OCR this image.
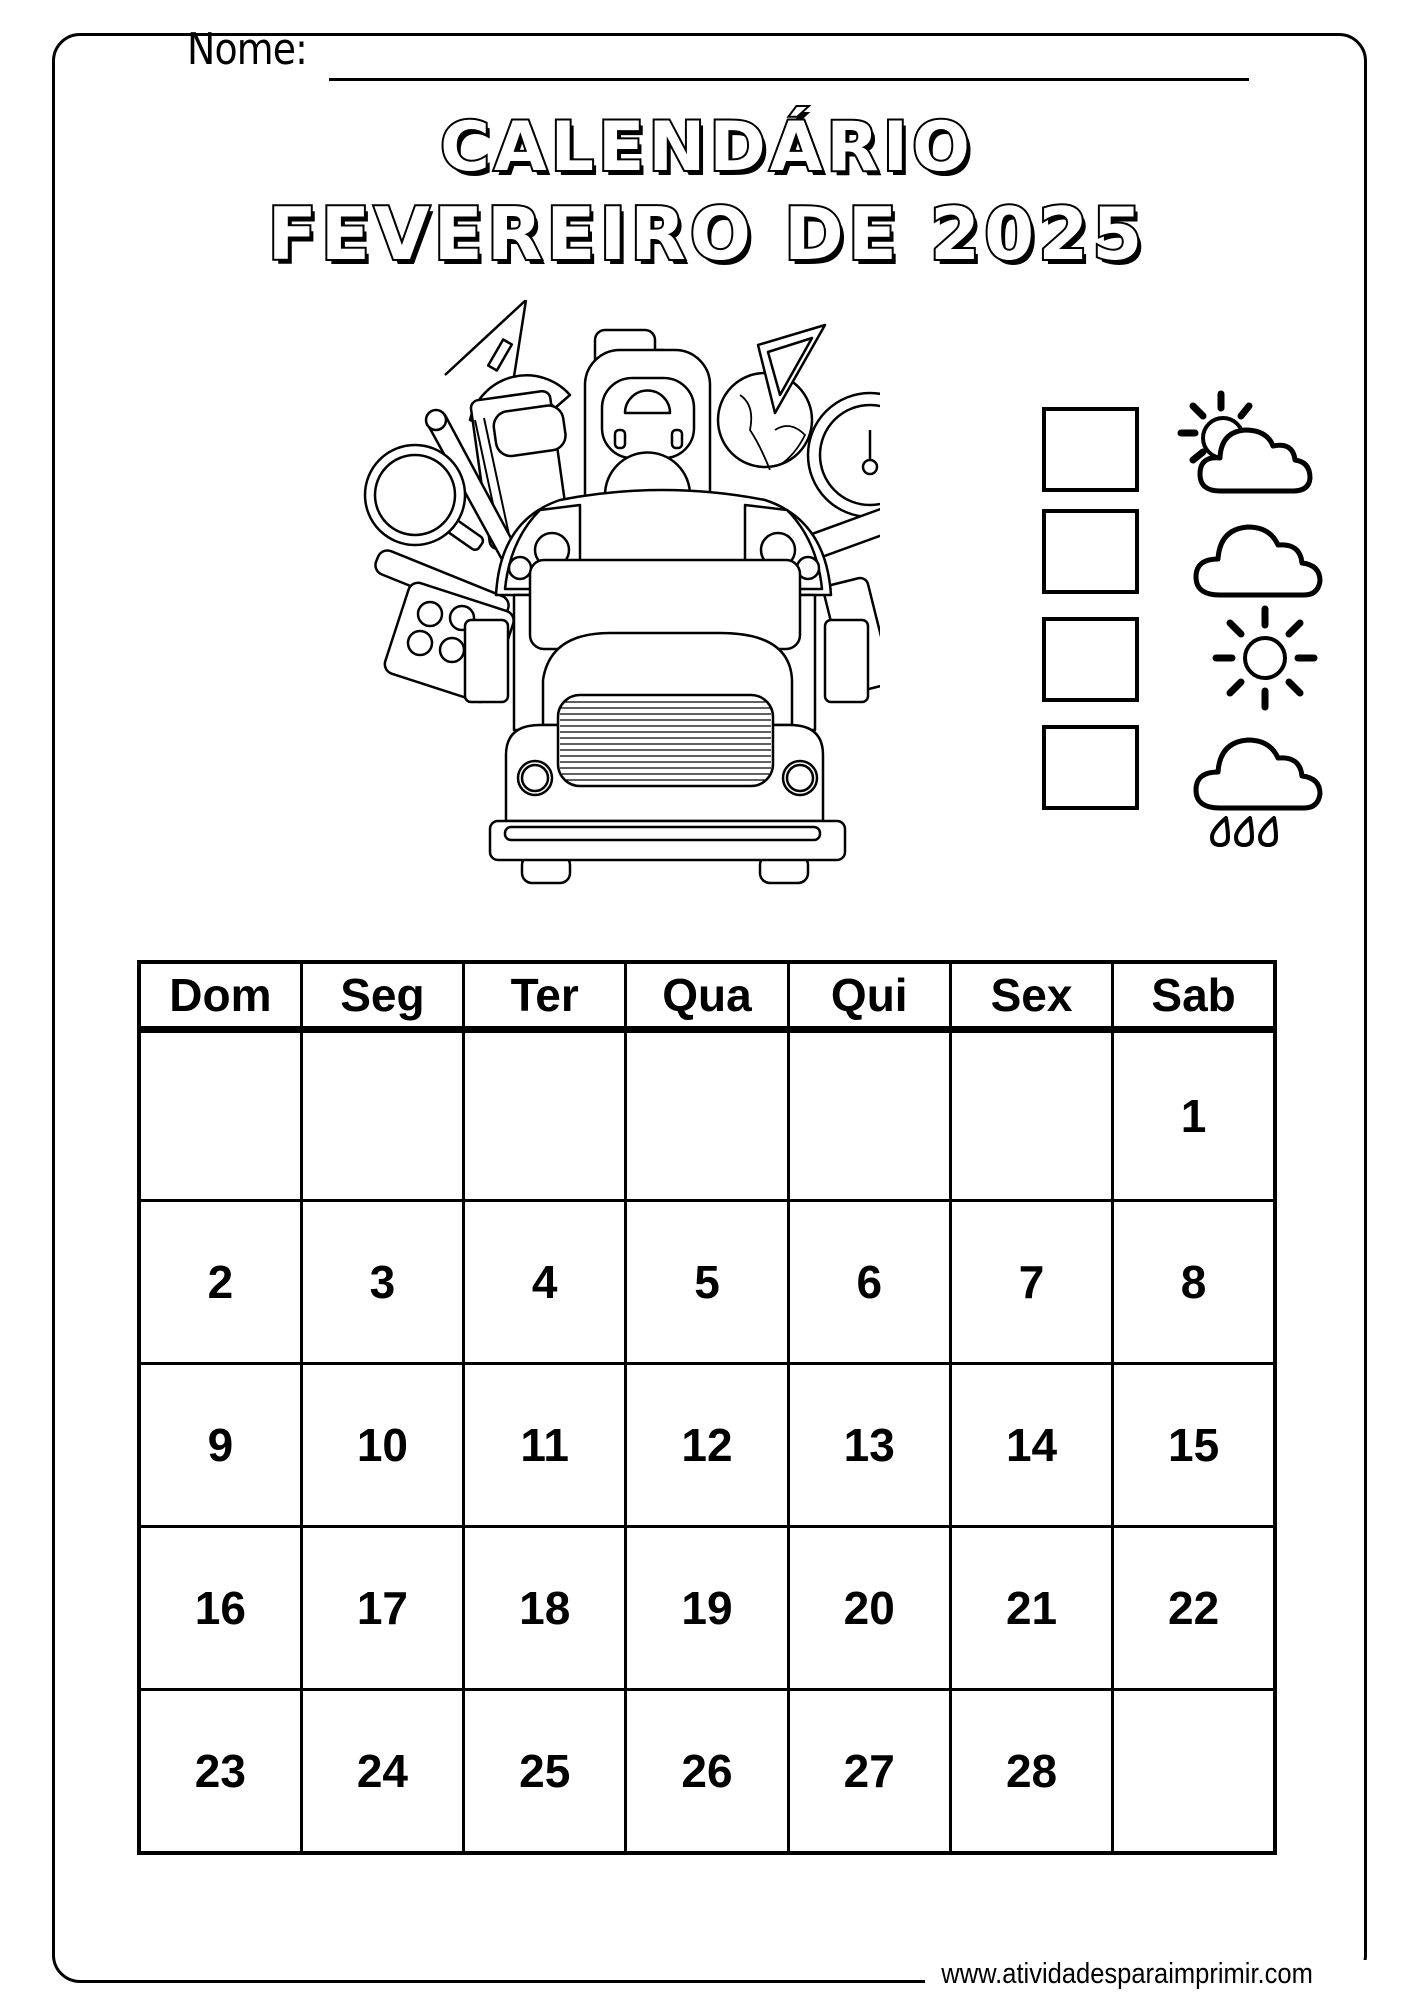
Nome:
CALENDÁRIO
FEVEREIRO DE 2025
Dom	Seg	Ter	Qua	Qui	Sex	Sab
						1
2	3	4	5	6	7	8
9	10	11	12	13	14	15
16	17	18	19	20	21	22
23	24	25	26	27	28	
www.atividadesparaimprimir.com
